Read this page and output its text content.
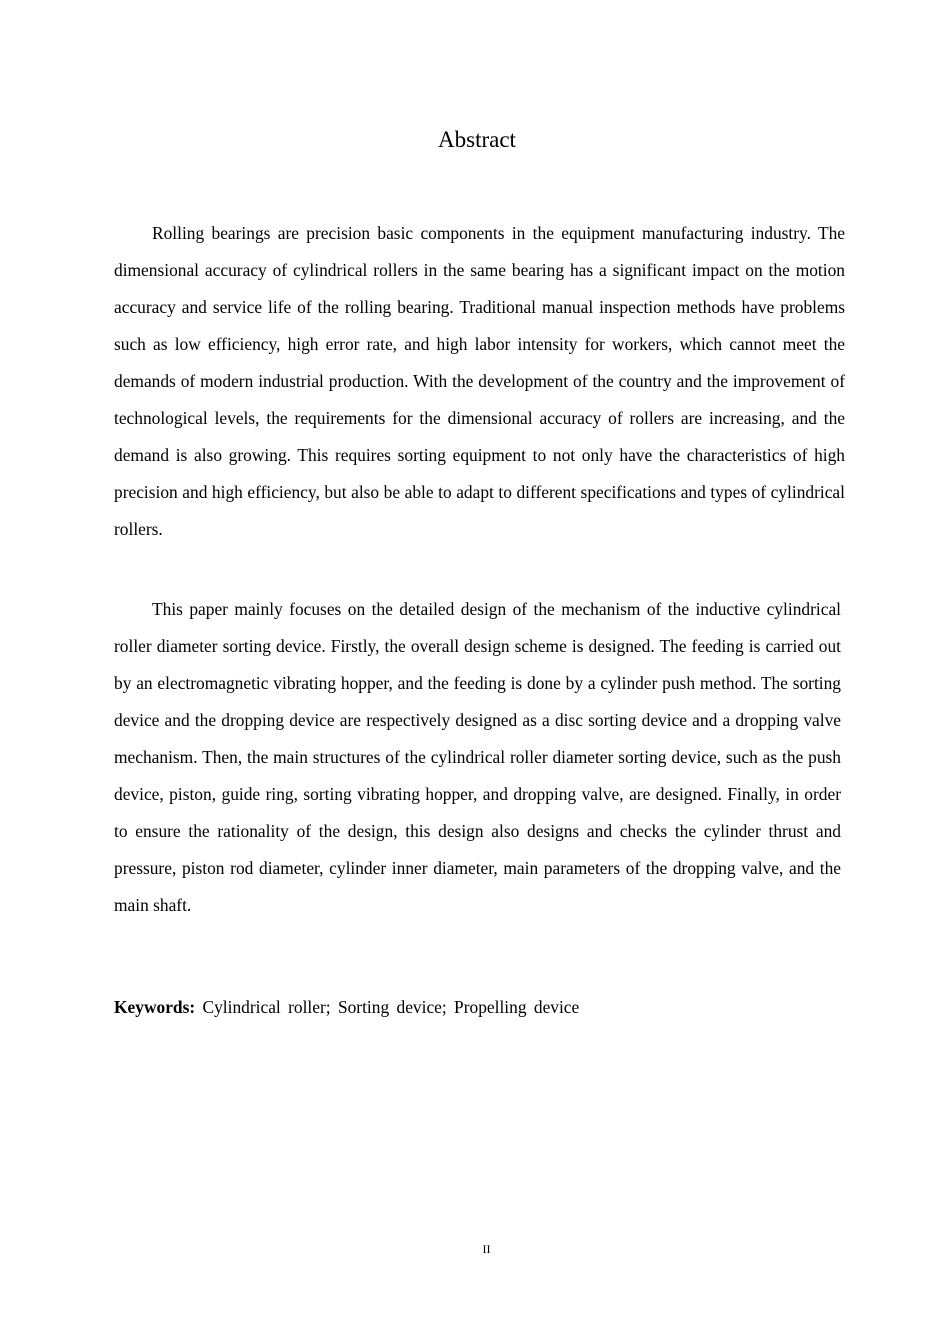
Abstract

Rolling bearings are precision basic components in the equipment manufacturing industry. The dimensional accuracy of cylindrical rollers in the same bearing has a significant impact on the motion accuracy and service life of the rolling bearing. Traditional manual inspection methods have problems such as low efficiency, high error rate, and high labor intensity for workers, which cannot meet the demands of modern industrial production. With the development of the country and the improvement of technological levels, the requirements for the dimensional accuracy of rollers are increasing, and the demand is also growing. This requires sorting equipment to not only have the characteristics of high precision and high efficiency, but also be able to adapt to different specifications and types of cylindrical rollers.

This paper mainly focuses on the detailed design of the mechanism of the inductive cylindrical roller diameter sorting device. Firstly, the overall design scheme is designed. The feeding is carried out by an electromagnetic vibrating hopper, and the feeding is done by a cylinder push method. The sorting device and the dropping device are respectively designed as a disc sorting device and a dropping valve mechanism. Then, the main structures of the cylindrical roller diameter sorting device, such as the push device, piston, guide ring, sorting vibrating hopper, and dropping valve, are designed. Finally, in order to ensure the rationality of the design, this design also designs and checks the cylinder thrust and pressure, piston rod diameter, cylinder inner diameter, main parameters of the dropping valve, and the main shaft.

Keywords: Cylindrical roller; Sorting device; Propelling device

II
